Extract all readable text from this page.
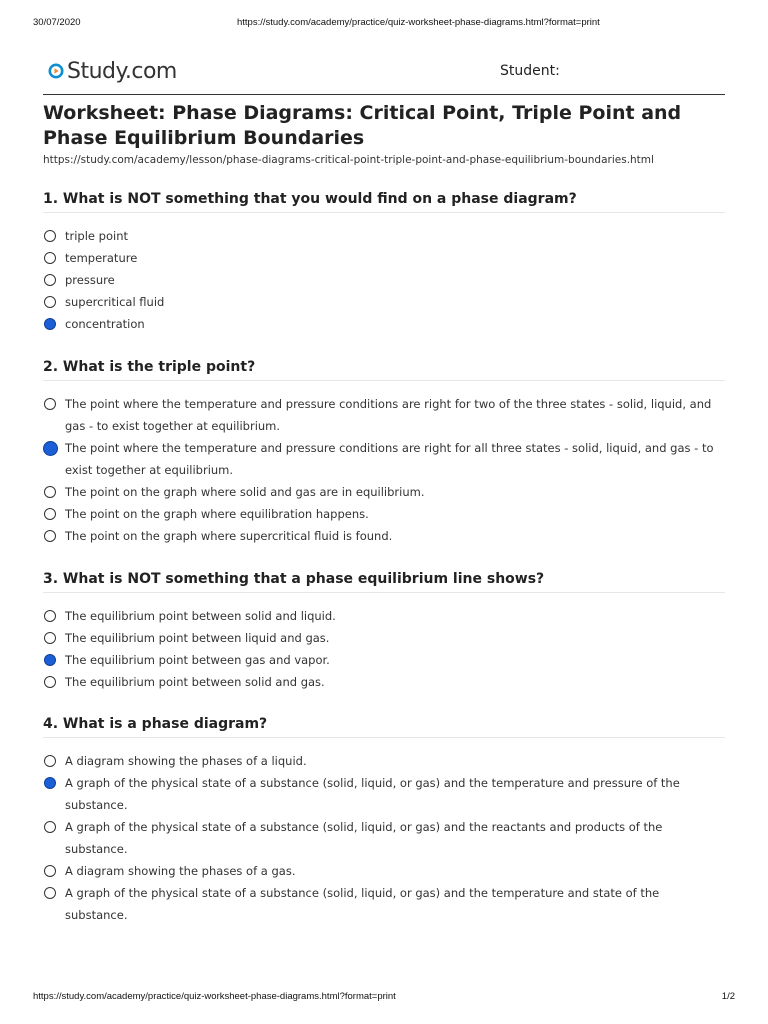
30/07/2020	https://study.com/academy/practice/quiz-worksheet-phase-diagrams.html?format=print
Study.com	Student:
Worksheet: Phase Diagrams: Critical Point, Triple Point and Phase Equilibrium Boundaries
https://study.com/academy/lesson/phase-diagrams-critical-point-triple-point-and-phase-equilibrium-boundaries.html
1. What is NOT something that you would find on a phase diagram?
triple point
temperature
pressure
supercritical fluid
concentration
2. What is the triple point?
The point where the temperature and pressure conditions are right for two of the three states - solid, liquid, and gas - to exist together at equilibrium.
The point where the temperature and pressure conditions are right for all three states - solid, liquid, and gas - to exist together at equilibrium.
The point on the graph where solid and gas are in equilibrium.
The point on the graph where equilibration happens.
The point on the graph where supercritical fluid is found.
3. What is NOT something that a phase equilibrium line shows?
The equilibrium point between solid and liquid.
The equilibrium point between liquid and gas.
The equilibrium point between gas and vapor.
The equilibrium point between solid and gas.
4. What is a phase diagram?
A diagram showing the phases of a liquid.
A graph of the physical state of a substance (solid, liquid, or gas) and the temperature and pressure of the substance.
A graph of the physical state of a substance (solid, liquid, or gas) and the reactants and products of the substance.
A diagram showing the phases of a gas.
A graph of the physical state of a substance (solid, liquid, or gas) and the temperature and state of the substance.
https://study.com/academy/practice/quiz-worksheet-phase-diagrams.html?format=print	1/2
